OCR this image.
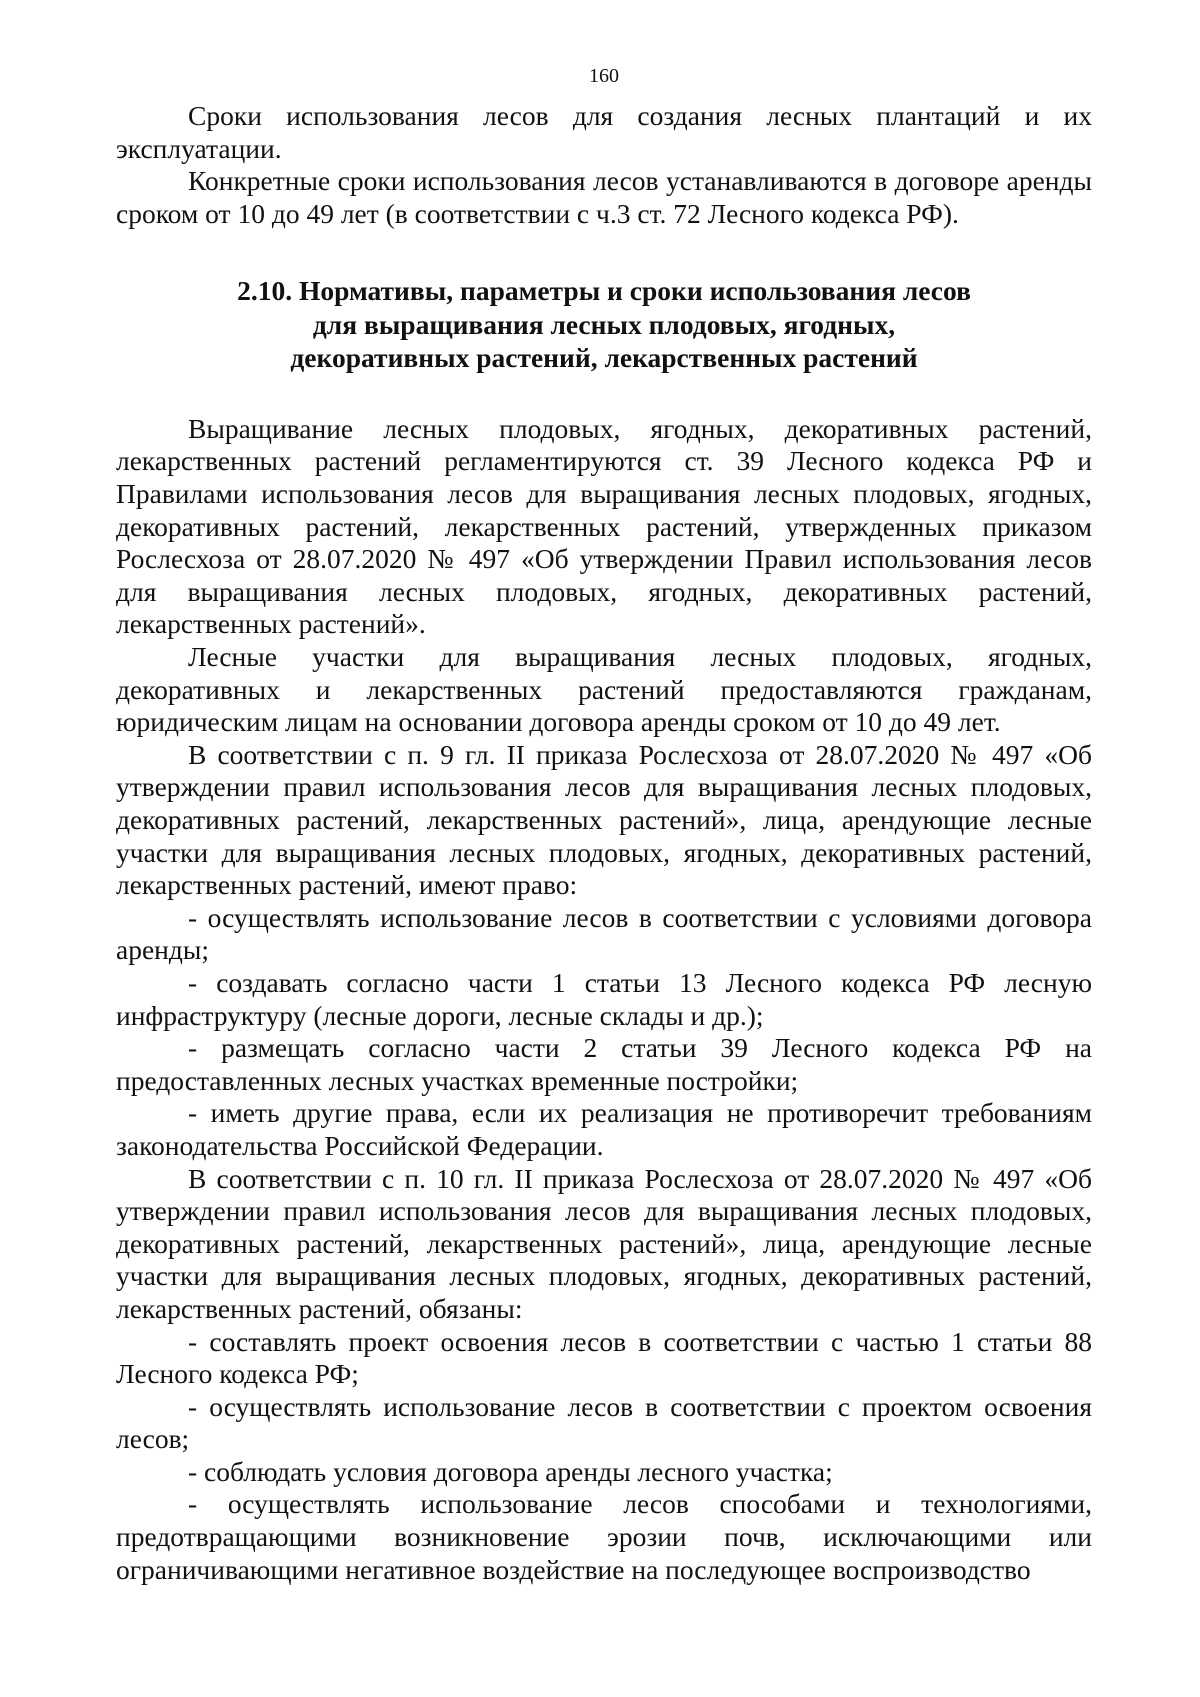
160

Сроки использования лесов для создания лесных плантаций и их эксплуатации.

Конкретные сроки использования лесов устанавливаются в договоре аренды сроком от 10 до 49 лет (в соответствии с ч.3 ст. 72 Лесного кодекса РФ).

2.10. Нормативы, параметры и сроки использования лесов
для выращивания лесных плодовых, ягодных,
декоративных растений, лекарственных растений

Выращивание лесных плодовых, ягодных, декоративных растений, лекарственных растений регламентируются ст. 39 Лесного кодекса РФ и Правилами использования лесов для выращивания лесных плодовых, ягодных, декоративных растений, лекарственных растений, утвержденных приказом Рослесхоза от 28.07.2020 № 497 «Об утверждении Правил использования лесов для выращивания лесных плодовых, ягодных, декоративных растений, лекарственных растений».

Лесные участки для выращивания лесных плодовых, ягодных, декоративных и лекарственных растений предоставляются гражданам, юридическим лицам на основании договора аренды сроком от 10 до 49 лет.

В соответствии с п. 9 гл. II приказа Рослесхоза от 28.07.2020 № 497 «Об утверждении правил использования лесов для выращивания лесных плодовых, декоративных растений, лекарственных растений», лица, арендующие лесные участки для выращивания лесных плодовых, ягодных, декоративных растений, лекарственных растений, имеют право:

- осуществлять использование лесов в соответствии с условиями договора аренды;

- создавать согласно части 1 статьи 13 Лесного кодекса РФ лесную инфраструктуру (лесные дороги, лесные склады и др.);

- размещать согласно части 2 статьи 39 Лесного кодекса РФ на предоставленных лесных участках временные постройки;

- иметь другие права, если их реализация не противоречит требованиям законодательства Российской Федерации.

В соответствии с п. 10 гл. II приказа Рослесхоза от 28.07.2020 № 497 «Об утверждении правил использования лесов для выращивания лесных плодовых, декоративных растений, лекарственных растений», лица, арендующие лесные участки для выращивания лесных плодовых, ягодных, декоративных растений, лекарственных растений, обязаны:

- составлять проект освоения лесов в соответствии с частью 1 статьи 88 Лесного кодекса РФ;

- осуществлять использование лесов в соответствии с проектом освоения лесов;

- соблюдать условия договора аренды лесного участка;

- осуществлять использование лесов способами и технологиями, предотвращающими возникновение эрозии почв, исключающими или ограничивающими негативное воздействие на последующее воспроизводство
